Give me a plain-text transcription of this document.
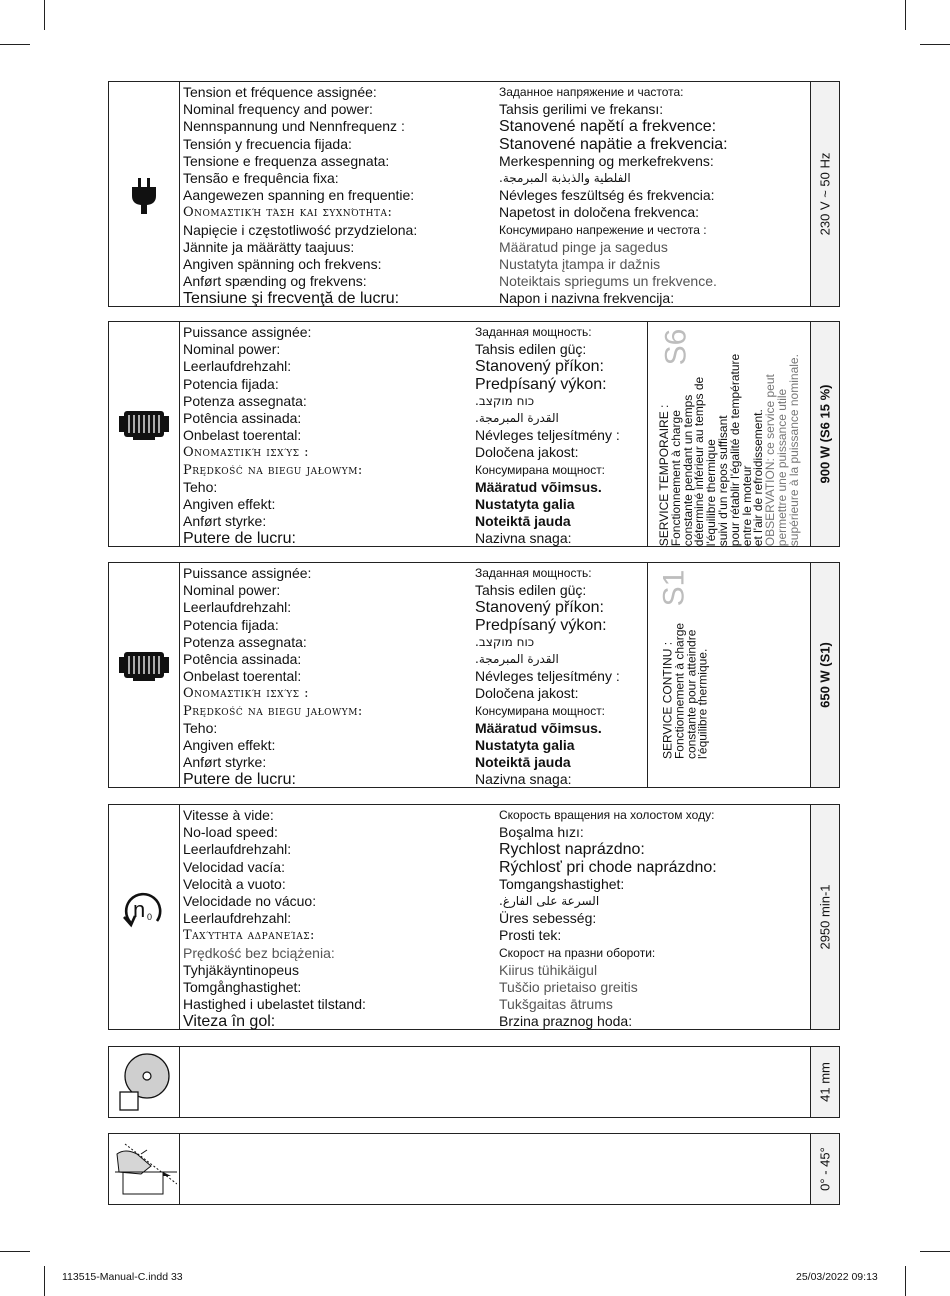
Tension et fréquence assignée:
Nominal frequency and power:
Nennspannung und Nennfrequenz :
Tensión y frecuencia fijada:
Tensione e frequenza assegnata:
Tensão e frequência fixa:
Aangewezen spanning en frequentie:
Ονομαστική τάση και συχνότητα:
Napięcie i częstotliwość przydzielona:
Jännite ja määrätty taajuus:
Angiven spänning och frekvens:
Anført spænding og frekvens:
Tensiune şi frecvenţă de lucru:
Заданное напряжение и частота:
Tahsis gerilimi ve frekansı:
Stanovené napětí a frekvence:
Stanovené napätie a frekvencia:
Merkespenning og merkefrekvens:
الفلطية والذبذبة المبرمجة.
Névleges feszültség és frekvencia:
Napetost in določena frekvenca:
Консумирано напрежение и честота :
Määratud pinge ja sagedus
Nustatyta įtampa ir dažnis
Noteiktais spriegums un frekvence.
Napon i nazivna frekvencija:
230 V ~ 50 Hz
Puissance assignée:
Nominal power:
Leerlaufdrehzahl:
Potencia fijada:
Potenza assegnata:
Potência assinada:
Onbelast toerental:
Ονομαστική ισχύς :
Prędkość na biegu jałowym:
Teho:
Angiven effekt:
Anført styrke:
Putere de lucru:
Заданная мощность:
Tahsis edilen güç:
Stanovený příkon:
Predpísaný výkon:
כוח מוקצב.
القدرة المبرمجة.
Névleges teljesítmény :
Določena jakost:
Консумирана мощност:
Määratud võimsus.
Nustatyta galia
Noteiktā jauda
Nazivna snaga:
S6
SERVICE TEMPORAIRE :
Fonctionnement à charge
constante pendant un temps
déterminé inférieur au temps de
l'équilibre thermique
suivi d'un repos suffisant
pour rétablir l'égalité de température
entre le moteur
et l'air de refroidissement.
OBSERVATION: ce service peut
permettre une puissance utile
supérieure à la puissance nominale. 900 W (S6 15 %)
Puissance assignée:
Nominal power:
Leerlaufdrehzahl:
Potencia fijada:
Potenza assegnata:
Potência assinada:
Onbelast toerental:
Ονομαστική ισχύς :
Prędkość na biegu jałowym:
Teho:
Angiven effekt:
Anført styrke:
Putere de lucru:
Заданная мощность:
Tahsis edilen güç:
Stanovený příkon:
Predpísaný výkon:
כוח מוקצב.
القدرة المبرمجة.
Névleges teljesítmény :
Določena jakost:
Консумирана мощност:
Määratud võimsus.
Nustatyta galia
Noteiktā jauda
Nazivna snaga:
S1
SERVICE CONTINU :
Fonctionnement à charge
constante pour atteindre
l'équilibre thermique.	650 W (S1)
n 0
Vitesse à vide:
No-load speed:
Leerlaufdrehzahl:
Velocidad vacía:
Velocità a vuoto:
Velocidade no vácuo:
Leerlaufdrehzahl:
Ταχύτητα αδρανείας:
Prędkość bez bciążenia:
Tyhjäkäyntinopeus
Tomgånghastighet:
Hastighed i ubelastet tilstand:
Viteza în gol:
Скорость вращения на холостом ходу:
Boşalma hızı:
Rychlost naprázdno:
Rýchlosť pri chode naprázdno:
Tomgangshastighet:
السرعة على الفارغ.
Üres sebesség:
Prosti tek:
Скорост на празни обороти:
Kiirus tühikäigul
Tuščio prietaiso greitis
Tukšgaitas ātrums
Brzina praznog hoda:
2950 min-1
41 mm
0° - 45°
113515-Manual-C.indd 33	25/03/2022 09:13
